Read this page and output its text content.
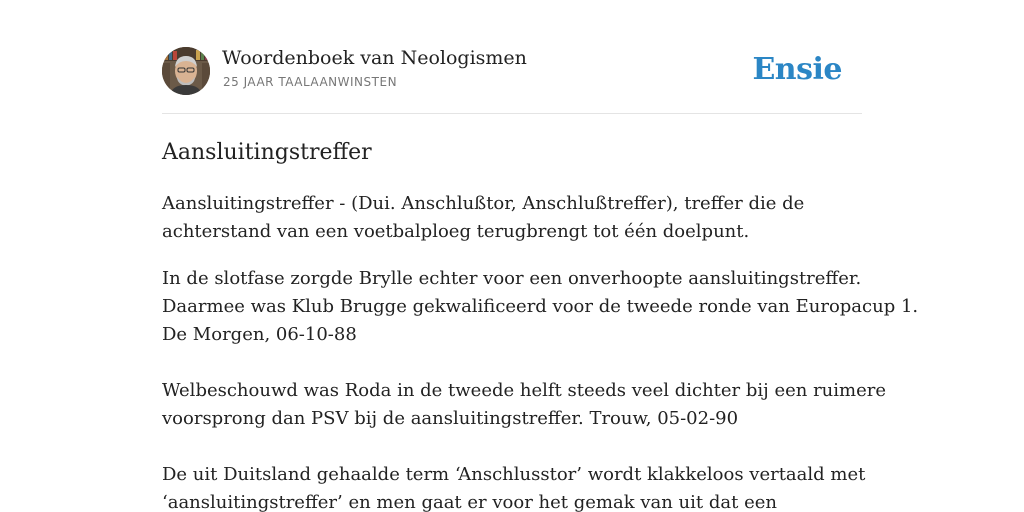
Woordenboek van Neologismen
25 JAAR TAALAANWINSTEN	Ensie
Aansluitingstreffer

Aansluitingstreffer - (Dui. Anschlußtor, Anschlußtreffer), treffer die de
achterstand van een voetbalploeg terugbrengt tot één doelpunt.

In de slotfase zorgde Brylle echter voor een onverhoopte aansluitingstreffer.
Daarmee was Klub Brugge gekwalificeerd voor de tweede ronde van Europacup 1.
De Morgen, 06-10-88
Welbeschouwd was Roda in de tweede helft steeds veel dichter bij een ruimere
voorsprong dan PSV bij de aansluitingstreffer. Trouw, 05-02-90
De uit Duitsland gehaalde term ‘Anschlusstor’ wordt klakkeloos vertaald met
‘aansluitingstreffer’ en men gaat er voor het gemak van uit dat een
